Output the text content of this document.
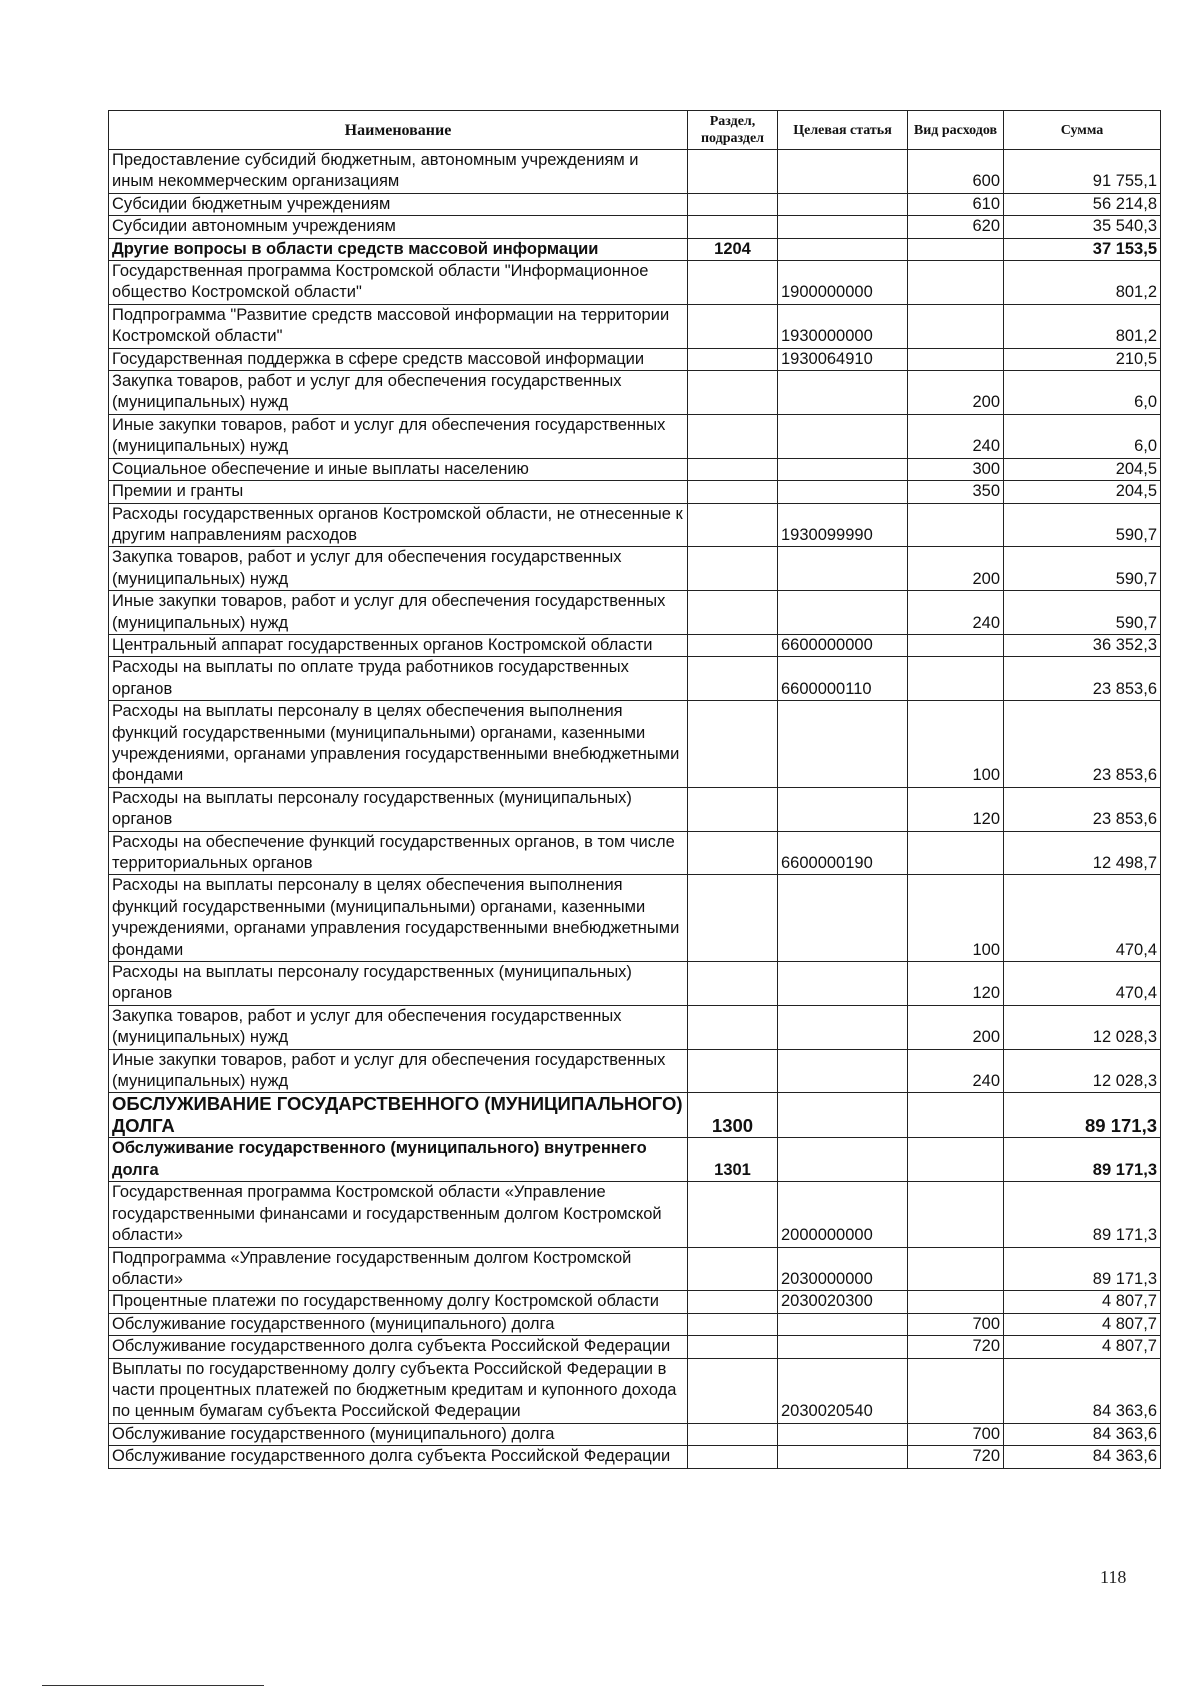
Наименование	Раздел, подраздел	Целевая статья	Вид расходов	Сумма
Предоставление субсидий бюджетным, автономным учреждениям и иным некоммерческим организациям			600	91 755,1
Субсидии бюджетным учреждениям			610	56 214,8
Субсидии автономным учреждениям			620	35 540,3
Другие вопросы в области средств массовой информации	1204			37 153,5
Государственная программа Костромской области "Информационное общество Костромской области"		1900000000		801,2
Подпрограмма "Развитие средств массовой информации на территории Костромской области"		1930000000		801,2
Государственная поддержка в сфере средств массовой информации		1930064910		210,5
Закупка товаров, работ и услуг для обеспечения государственных (муниципальных) нужд			200	6,0
Иные закупки товаров, работ и услуг для обеспечения государственных (муниципальных) нужд			240	6,0
Социальное обеспечение и иные выплаты населению			300	204,5
Премии и гранты			350	204,5
Расходы государственных органов Костромской области, не отнесенные к другим направлениям расходов		1930099990		590,7
Закупка товаров, работ и услуг для обеспечения государственных (муниципальных) нужд			200	590,7
Иные закупки товаров, работ и услуг для обеспечения государственных (муниципальных) нужд			240	590,7
Центральный аппарат государственных органов Костромской области		6600000000		36 352,3
Расходы на выплаты по оплате труда работников государственных органов		6600000110		23 853,6
Расходы на выплаты персоналу в целях обеспечения выполнения функций государственными (муниципальными) органами, казенными учреждениями, органами управления государственными внебюджетными фондами			100	23 853,6
Расходы на выплаты персоналу государственных (муниципальных) органов			120	23 853,6
Расходы на обеспечение функций государственных органов, в том числе территориальных органов		6600000190		12 498,7
Расходы на выплаты персоналу в целях обеспечения выполнения функций государственными (муниципальными) органами, казенными учреждениями, органами управления государственными внебюджетными фондами			100	470,4
Расходы на выплаты персоналу государственных (муниципальных) органов			120	470,4
Закупка товаров, работ и услуг для обеспечения государственных (муниципальных) нужд			200	12 028,3
Иные закупки товаров, работ и услуг для обеспечения государственных (муниципальных) нужд			240	12 028,3
ОБСЛУЖИВАНИЕ ГОСУДАРСТВЕННОГО (МУНИЦИПАЛЬНОГО) ДОЛГА	1300			89 171,3
Обслуживание государственного (муниципального) внутреннего долга	1301			89 171,3
Государственная программа Костромской области «Управление государственными финансами и государственным долгом Костромской области»		2000000000		89 171,3
Подпрограмма «Управление государственным долгом Костромской области»		2030000000		89 171,3
Процентные платежи по государственному долгу Костромской области		2030020300		4 807,7
Обслуживание государственного (муниципального) долга			700	4 807,7
Обслуживание государственного долга субъекта Российской Федерации			720	4 807,7
Выплаты по государственному долгу субъекта Российской Федерации в части процентных платежей по бюджетным кредитам и купонного дохода по ценным бумагам субъекта Российской Федерации		2030020540		84 363,6
Обслуживание государственного (муниципального) долга			700	84 363,6
Обслуживание государственного долга субъекта Российской Федерации			720	84 363,6
118
